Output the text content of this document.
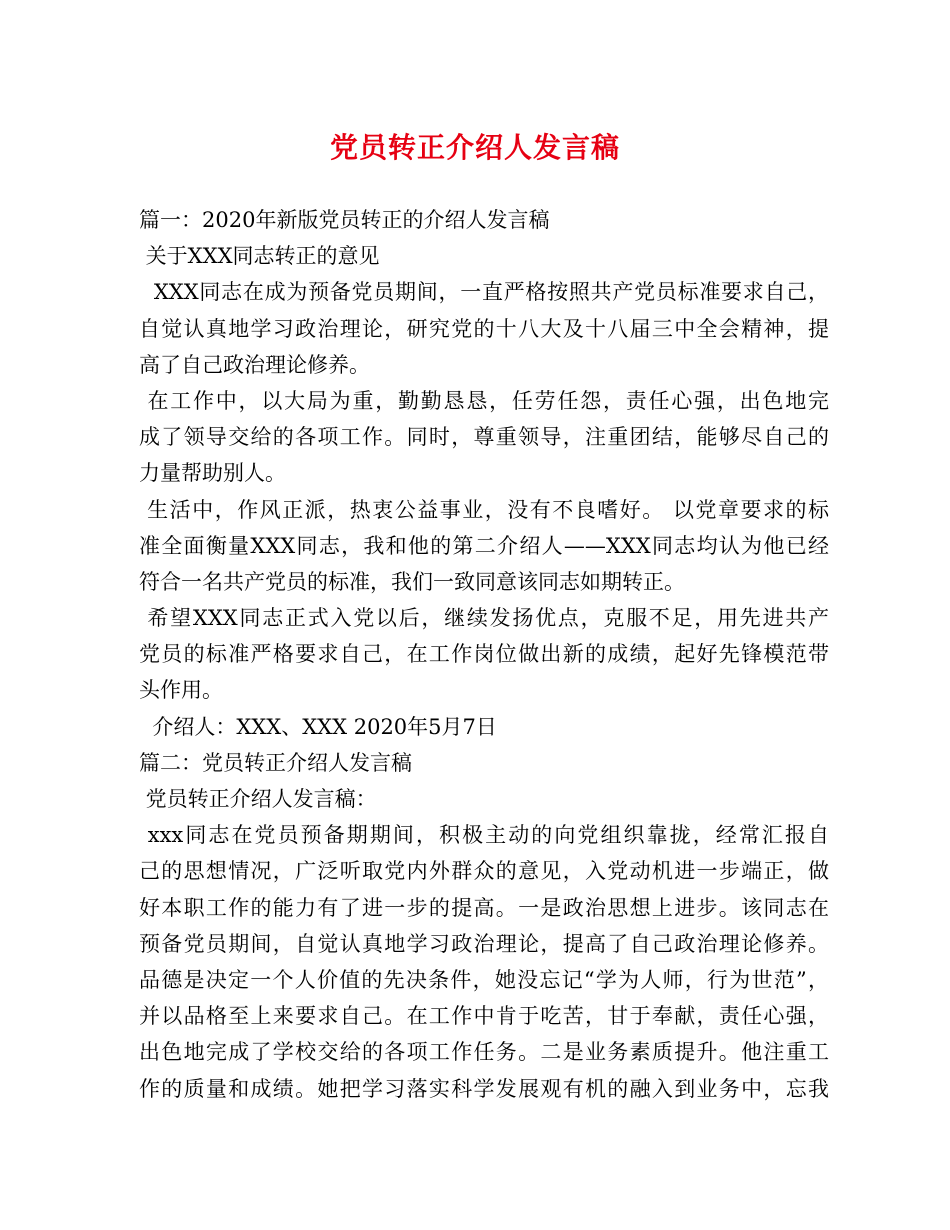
党员转正介绍人发言稿
篇一：2020年新版党员转正的介绍人发言稿
关于XXX同志转正的意见
XXX同志在成为预备党员期间，一直严格按照共产党员标准要求自己，
自觉认真地学习政治理论，研究党的十八大及十八届三中全会精神，提
高了自己政治理论修养。
在工作中，以大局为重，勤勤恳恳，任劳任怨，责任心强，出色地完
成了领导交给的各项工作。同时，尊重领导，注重团结，能够尽自己的
力量帮助别人。
生活中，作风正派，热衷公益事业，没有不良嗜好。 以党章要求的标
准全面衡量XXX同志，我和他的第二介绍人——XXX同志均认为他已经
符合一名共产党员的标准，我们一致同意该同志如期转正。
希望XXX同志正式入党以后，继续发扬优点，克服不足，用先进共产
党员的标准严格要求自己，在工作岗位做出新的成绩，起好先锋模范带
头作用。
介绍人：XXX、XXX 2020年5月7日
篇二：党员转正介绍人发言稿
党员转正介绍人发言稿：
xxx同志在党员预备期期间，积极主动的向党组织靠拢，经常汇报自
己的思想情况，广泛听取党内外群众的意见，入党动机进一步端正，做
好本职工作的能力有了进一步的提高。一是政治思想上进步。该同志在
预备党员期间，自觉认真地学习政治理论，提高了自己政治理论修养。
品德是决定一个人价值的先决条件，她没忘记“学为人师，行为世范”，
并以品格至上来要求自己。在工作中肯于吃苦，甘于奉献，责任心强，
出色地完成了学校交给的各项工作任务。二是业务素质提升。他注重工
作的质量和成绩。她把学习落实科学发展观有机的融入到业务中，忘我
